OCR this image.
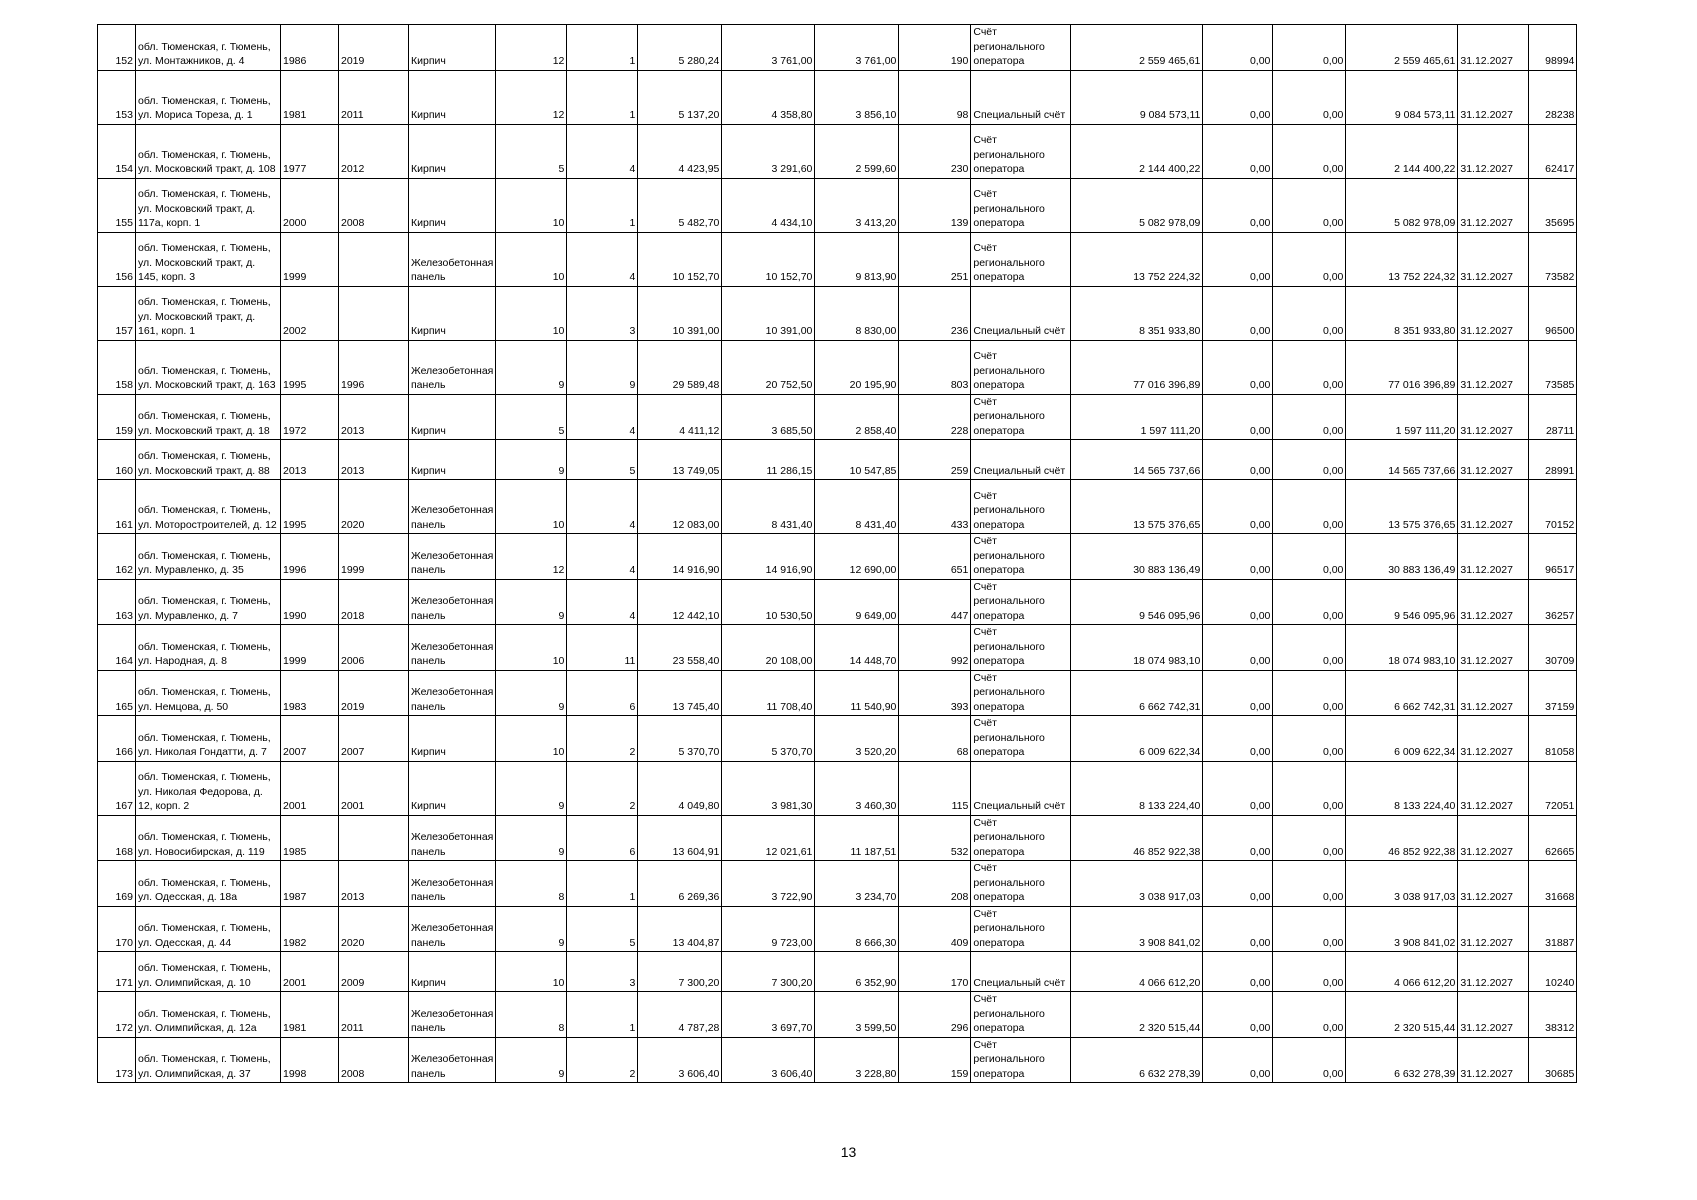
152	обл. Тюменская, г. Тюмень, ул. Монтажников, д. 4	1986	2019	Кирпич	12	1	5 280,24	3 761,00	3 761,00	190	Счёт регионального оператора	2 559 465,61	0,00	0,00	2 559 465,61	31.12.2027	98994
153	обл. Тюменская, г. Тюмень, ул. Мориса Тореза, д. 1	1981	2011	Кирпич	12	1	5 137,20	4 358,80	3 856,10	98	Специальный счёт	9 084 573,11	0,00	0,00	9 084 573,11	31.12.2027	28238
154	обл. Тюменская, г. Тюмень, ул. Московский тракт, д. 108	1977	2012	Кирпич	5	4	4 423,95	3 291,60	2 599,60	230	Счёт регионального оператора	2 144 400,22	0,00	0,00	2 144 400,22	31.12.2027	62417
155	обл. Тюменская, г. Тюмень, ул. Московский тракт, д. 117а, корп. 1	2000	2008	Кирпич	10	1	5 482,70	4 434,10	3 413,20	139	Счёт регионального оператора	5 082 978,09	0,00	0,00	5 082 978,09	31.12.2027	35695
156	обл. Тюменская, г. Тюмень, ул. Московский тракт, д. 145, корп. 3	1999		Железобетонная панель	10	4	10 152,70	10 152,70	9 813,90	251	Счёт регионального оператора	13 752 224,32	0,00	0,00	13 752 224,32	31.12.2027	73582
157	обл. Тюменская, г. Тюмень, ул. Московский тракт, д. 161, корп. 1	2002		Кирпич	10	3	10 391,00	10 391,00	8 830,00	236	Специальный счёт	8 351 933,80	0,00	0,00	8 351 933,80	31.12.2027	96500
158	обл. Тюменская, г. Тюмень, ул. Московский тракт, д. 163	1995	1996	Железобетонная панель	9	9	29 589,48	20 752,50	20 195,90	803	Счёт регионального оператора	77 016 396,89	0,00	0,00	77 016 396,89	31.12.2027	73585
159	обл. Тюменская, г. Тюмень, ул. Московский тракт, д. 18	1972	2013	Кирпич	5	4	4 411,12	3 685,50	2 858,40	228	Счёт регионального оператора	1 597 111,20	0,00	0,00	1 597 111,20	31.12.2027	28711
160	обл. Тюменская, г. Тюмень, ул. Московский тракт, д. 88	2013	2013	Кирпич	9	5	13 749,05	11 286,15	10 547,85	259	Специальный счёт	14 565 737,66	0,00	0,00	14 565 737,66	31.12.2027	28991
161	обл. Тюменская, г. Тюмень, ул. Моторостроителей, д. 12	1995	2020	Железобетонная панель	10	4	12 083,00	8 431,40	8 431,40	433	Счёт регионального оператора	13 575 376,65	0,00	0,00	13 575 376,65	31.12.2027	70152
162	обл. Тюменская, г. Тюмень, ул. Муравленко, д. 35	1996	1999	Железобетонная панель	12	4	14 916,90	14 916,90	12 690,00	651	Счёт регионального оператора	30 883 136,49	0,00	0,00	30 883 136,49	31.12.2027	96517
163	обл. Тюменская, г. Тюмень, ул. Муравленко, д. 7	1990	2018	Железобетонная панель	9	4	12 442,10	10 530,50	9 649,00	447	Счёт регионального оператора	9 546 095,96	0,00	0,00	9 546 095,96	31.12.2027	36257
164	обл. Тюменская, г. Тюмень, ул. Народная, д. 8	1999	2006	Железобетонная панель	10	11	23 558,40	20 108,00	14 448,70	992	Счёт регионального оператора	18 074 983,10	0,00	0,00	18 074 983,10	31.12.2027	30709
165	обл. Тюменская, г. Тюмень, ул. Немцова, д. 50	1983	2019	Железобетонная панель	9	6	13 745,40	11 708,40	11 540,90	393	Счёт регионального оператора	6 662 742,31	0,00	0,00	6 662 742,31	31.12.2027	37159
166	обл. Тюменская, г. Тюмень, ул. Николая Гондатти, д. 7	2007	2007	Кирпич	10	2	5 370,70	5 370,70	3 520,20	68	Счёт регионального оператора	6 009 622,34	0,00	0,00	6 009 622,34	31.12.2027	81058
167	обл. Тюменская, г. Тюмень, ул. Николая Федорова, д. 12, корп. 2	2001	2001	Кирпич	9	2	4 049,80	3 981,30	3 460,30	115	Специальный счёт	8 133 224,40	0,00	0,00	8 133 224,40	31.12.2027	72051
168	обл. Тюменская, г. Тюмень, ул. Новосибирская, д. 119	1985		Железобетонная панель	9	6	13 604,91	12 021,61	11 187,51	532	Счёт регионального оператора	46 852 922,38	0,00	0,00	46 852 922,38	31.12.2027	62665
169	обл. Тюменская, г. Тюмень, ул. Одесская, д. 18а	1987	2013	Железобетонная панель	8	1	6 269,36	3 722,90	3 234,70	208	Счёт регионального оператора	3 038 917,03	0,00	0,00	3 038 917,03	31.12.2027	31668
170	обл. Тюменская, г. Тюмень, ул. Одесская, д. 44	1982	2020	Железобетонная панель	9	5	13 404,87	9 723,00	8 666,30	409	Счёт регионального оператора	3 908 841,02	0,00	0,00	3 908 841,02	31.12.2027	31887
171	обл. Тюменская, г. Тюмень, ул. Олимпийская, д. 10	2001	2009	Кирпич	10	3	7 300,20	7 300,20	6 352,90	170	Специальный счёт	4 066 612,20	0,00	0,00	4 066 612,20	31.12.2027	10240
172	обл. Тюменская, г. Тюмень, ул. Олимпийская, д. 12а	1981	2011	Железобетонная панель	8	1	4 787,28	3 697,70	3 599,50	296	Счёт регионального оператора	2 320 515,44	0,00	0,00	2 320 515,44	31.12.2027	38312
173	обл. Тюменская, г. Тюмень, ул. Олимпийская, д. 37	1998	2008	Железобетонная панель	9	2	3 606,40	3 606,40	3 228,80	159	Счёт регионального оператора	6 632 278,39	0,00	0,00	6 632 278,39	31.12.2027	30685
13
